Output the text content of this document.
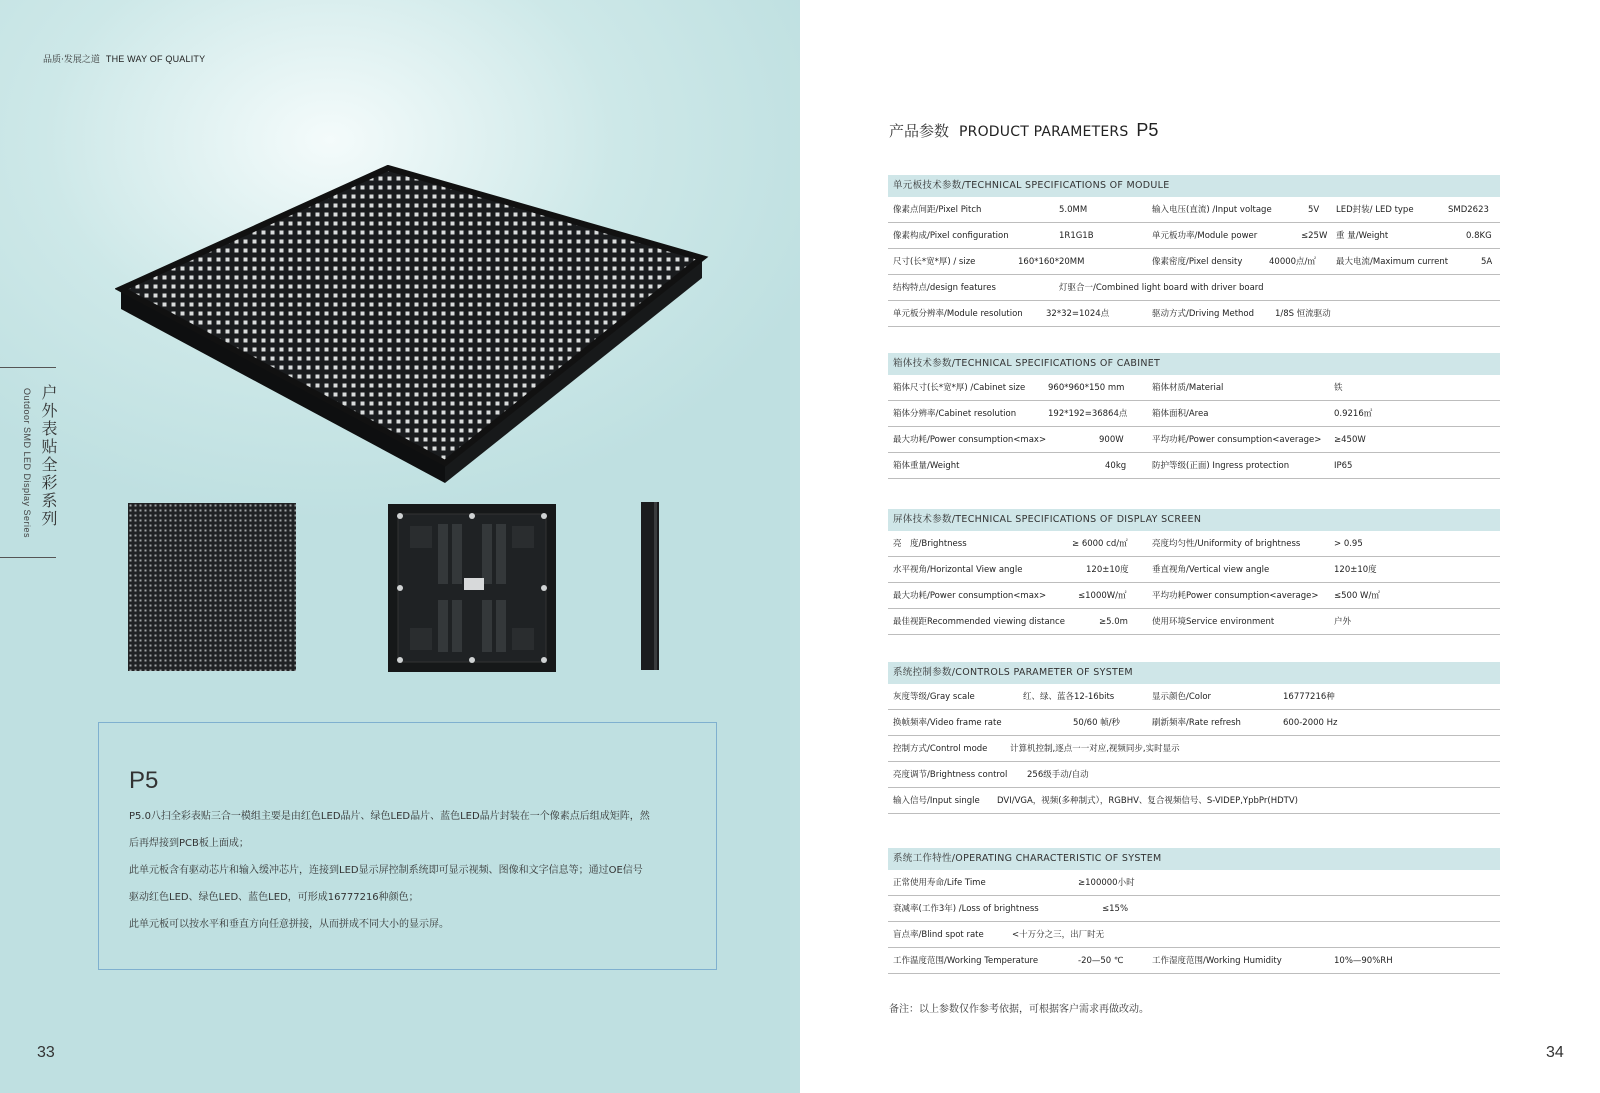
品质·发展之道 THE WAY OF QUALITY
Outdoor SMD LED Display Series 户外表贴全彩系列
P5
P5.0八扫全彩表贴三合一模组主要是由红色LED晶片、绿色LED晶片、蓝色LED晶片封装在一个像素点后组成矩阵，然
后再焊接到PCB板上面成；
此单元板含有驱动芯片和输入缓冲芯片，连接到LED显示屏控制系统即可显示视频、图像和文字信息等；通过OE信号
驱动红色LED、绿色LED、蓝色LED，可形成16777216种颜色；
此单元板可以按水平和垂直方向任意拼接，从而拼成不同大小的显示屏。
33
产品参数 PRODUCT PARAMETERS P5
单元板技术参数/TECHNICAL SPECIFICATIONS OF MODULE
像素点间距/Pixel Pitch	5.0MM	输入电压(直流) /Input voltage	5V LED封装/ LED type	SMD2623
像素构成/Pixel configuration	1R1G1B	单元板功率/Module power	≤25W 重 量/Weight	0.8KG
尺寸(长*宽*厚) / size	160*160*20MM	像素密度/Pixel density	40000点/㎡ 最大电流/Maximum current	5A
结构特点/design features	灯驱合一/Combined light board with driver board
单元板分辨率/Module resolution	32*32=1024点	驱动方式/Driving Method 1/8S 恒流驱动
箱体技术参数/TECHNICAL SPECIFICATIONS OF CABINET
箱体尺寸(长*宽*厚) /Cabinet size	960*960*150 mm	箱体材质/Material	铁
箱体分辨率/Cabinet resolution	192*192=36864点	箱体面积/Area	0.9216㎡
最大功耗/Power consumption<max>	900W	平均功耗/Power consumption<average> ≥450W
箱体重量/Weight	40kg	防护等级(正面) Ingress protection	IP65
屏体技术参数/TECHNICAL SPECIFICATIONS OF DISPLAY SCREEN
亮　度/Brightness	≥ 6000 cd/㎡	亮度均匀性/Uniformity of brightness	> 0.95
水平视角/Horizontal View angle	120±10度	垂直视角/Vertical view angle	120±10度
最大功耗/Power consumption<max>	≤1000W/㎡	平均功耗Power consumption<average> ≤500 W/㎡
最佳视距Recommended viewing distance	≥5.0m	使用环境Service environment	户外
系统控制参数/CONTROLS PARAMETER OF SYSTEM
灰度等级/Gray scale	红、绿、蓝各12-16bits	显示颜色/Color	16777216种
换帧频率/Video frame rate	50/60 帧/秒	刷新频率/Rate refresh	600-2000 Hz
控制方式/Control mode	计算机控制,逐点一一对应,视频同步,实时显示
亮度调节/Brightness control 256级手动/自动
输入信号/Input single DVI/VGA，视频(多种制式），RGBHV、复合视频信号、S-VIDEP,YpbPr(HDTV)
系统工作特性/OPERATING CHARACTERISTIC OF SYSTEM
正常使用寿命/Life Time	≥100000小时
衰减率(工作3年) /Loss of brightness	≤15%
盲点率/Blind spot rate	<十万分之三，出厂时无
工作温度范围/Working Temperature	-20—50 ℃	工作湿度范围/Working Humidity	10%—90%RH
备注：以上参数仅作参考依据，可根据客户需求再做改动。
34
